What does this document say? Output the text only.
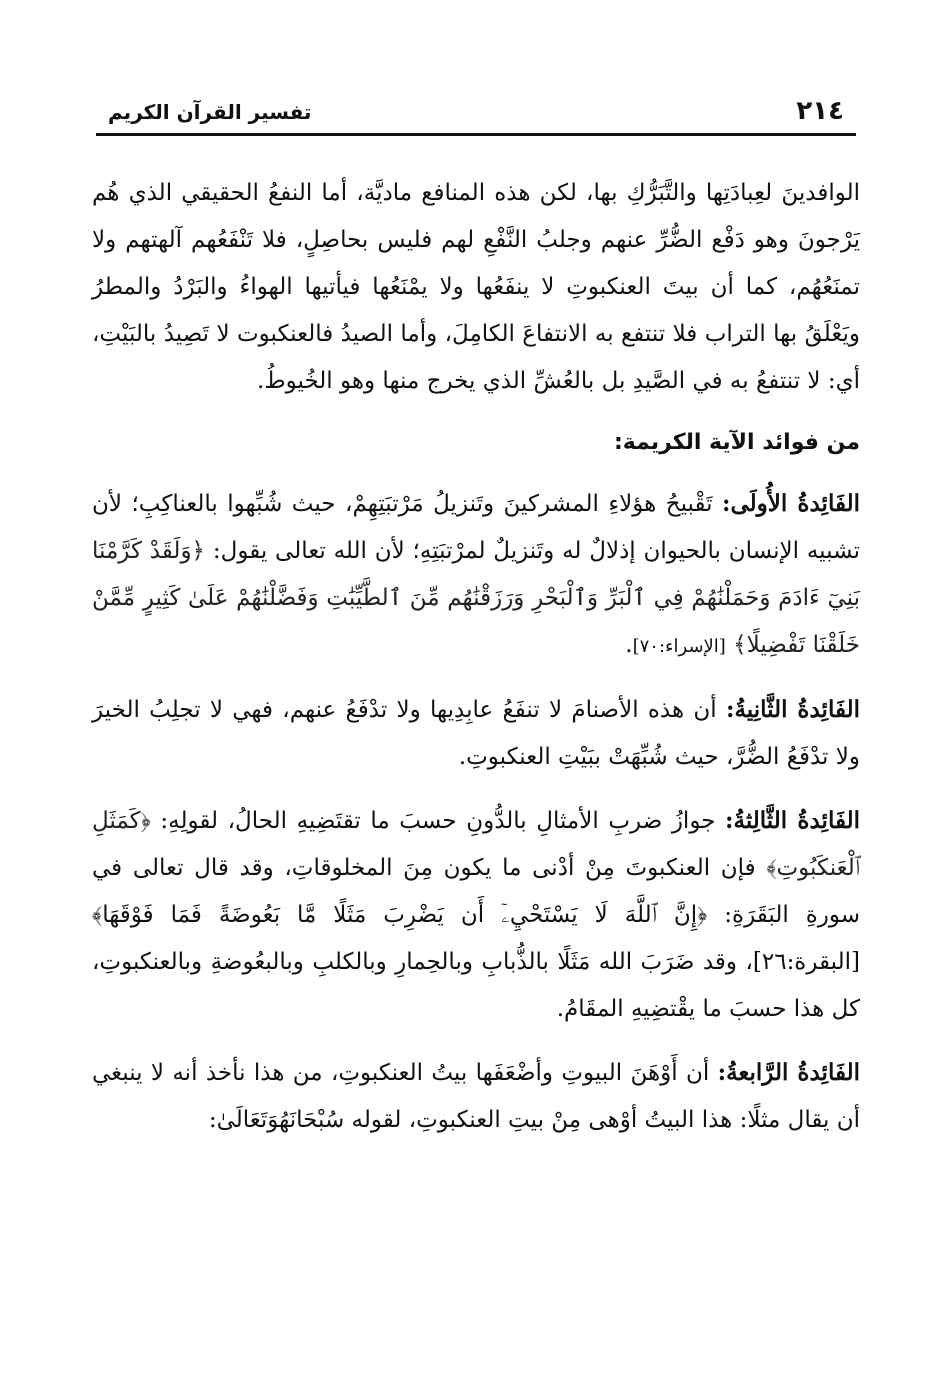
٢١٤
تفسير القرآن الكريم

الوافدينَ لعِبادَتِها والتَّبَرُّكِ بها، لكن هذه المنافع ماديَّة، أما النفعُ الحقيقي الذي هُم يَرْجونَ وهو دَفْع الضُّرِّ عنهم وجلبُ النَّفْعِ لهم فليس بحاصِلٍ، فلا تَنْفَعُهم آلهتهم ولا تمنَعُهُم، كما أن بيتَ العنكبوتِ لا ينفَعُها ولا يمْنَعُها فيأتيها الهواءُ والبَرْدُ والمطرُ ويَعْلَقُ بها التراب فلا تنتفع به الانتفاعَ الكامِلَ، وأما الصيدُ فالعنكبوت لا تَصِيدُ بالبَيْتِ، أي: لا تنتفعُ به في الصَّيدِ بل بالعُشِّ الذي يخرج منها وهو الخُيوطُ.

من فوائد الآية الكريمة:

الفَائِدةُ الأُولَى: تَقْبيحُ هؤلاءِ المشركينَ وتَنزيلُ مَرْتبَتِهِمْ، حيث شُبِّهوا بالعناكِبِ؛ لأن تشبيه الإنسان بالحيوان إذلالٌ له وتَنزيلٌ لمرْتبَتِهِ؛ لأن الله تعالى يقول: ﴿وَلَقَدْ كَرَّمْنَا بَنِيٓ ءَادَمَ وَحَمَلْنَٰهُمْ فِي ٱلْبَرِّ وَٱلْبَحْرِ وَرَزَقْنَٰهُم مِّنَ ٱلطَّيِّبَٰتِ وَفَضَّلْنَٰهُمْ عَلَىٰ كَثِيرٍ مِّمَّنْ خَلَقْنَا تَفْضِيلًا﴾ [الإسراء:٧٠].

الفَائِدةُ الثَّانِيةُ: أن هذه الأصنامَ لا تنفَعُ عابِدِيها ولا تدْفَعُ عنهم، فهي لا تجلِبُ الخيرَ ولا تدْفَعُ الضُّرَّ، حيث شُبِّهَتْ ببَيْتِ العنكبوتِ.

الفَائِدةُ الثَّالِثةُ: جوازُ ضربِ الأمثالِ بالدُّونِ حسبَ ما تقتَضِيهِ الحالُ، لقولِهِ: ﴿كَمَثَلِ ٱلْعَنكَبُوتِ﴾ فإن العنكبوتَ مِنْ أدْنى ما يكون مِنَ المخلوقاتِ، وقد قال تعالى في سورةِ البَقَرَةِ: ﴿إِنَّ ٱللَّهَ لَا يَسْتَحْيِۦٓ أَن يَضْرِبَ مَثَلًا مَّا بَعُوضَةً فَمَا فَوْقَهَا﴾ [البقرة:٢٦]، وقد ضَرَبَ الله مَثَلًا بالذُّبابِ وبالحِمارِ وبالكلبِ وبالبعُوضةِ وبالعنكبوتِ، كل هذا حسبَ ما يقْتضِيهِ المقَامُ.

الفَائِدةُ الرَّابعةُ: أن أَوْهَنَ البيوتِ وأضْعَفَها بيتُ العنكبوتِ، من هذا نأخذ أنه لا ينبغي أن يقال مثلًا: هذا البيتُ أوْهى مِنْ بيتِ العنكبوتِ، لقوله سُبْحَانَهُوَتَعَالَىٰ:
